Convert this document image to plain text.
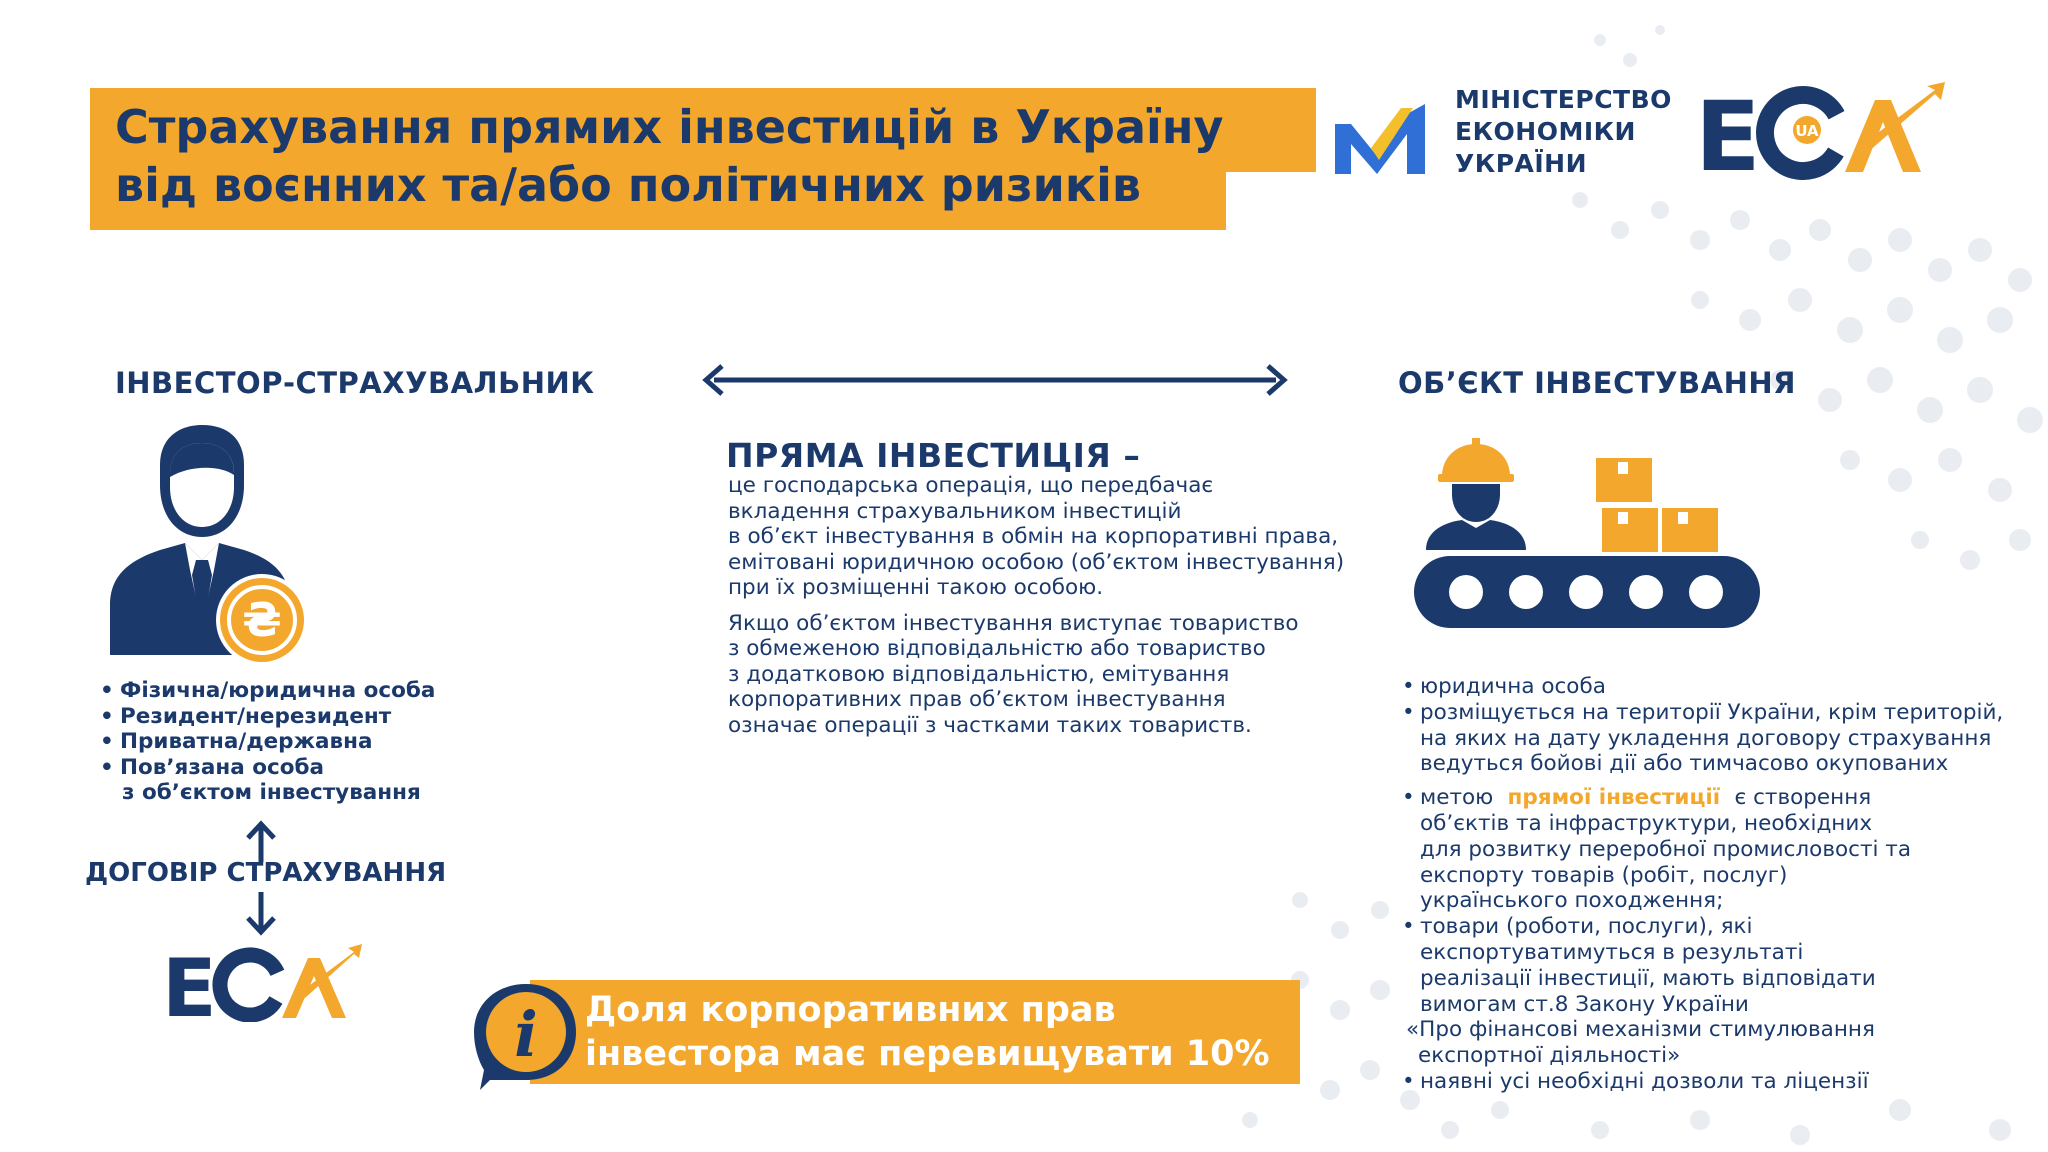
Страхування прямих інвестицій в Україну
від воєнних та/або політичних ризиків
МІНІСТЕРСТВО
ЕКОНОМІКИ
УКРАЇНИ	E UA
ІНВЕСТОР-СТРАХУВАЛЬНИК
₴
• Фізична/юридична особа
• Резидент/нерезидент
• Приватна/державна
• Пов’язана особа
з об’єктом інвестування
ДОГОВІР СТРАХУВАННЯ
E
ПРЯМА ІНВЕСТИЦІЯ –

це господарська операція, що передбачає
вкладення страхувальником інвестицій
в об’єкт інвестування в обмін на корпоративні права,
емітовані юридичною особою (об’єктом інвестування)
при їх розміщенні такою особою.

Якщо об’єктом інвестування виступає товариство
з обмеженою відповідальністю або товариство
з додатковою відповідальністю, емітування
корпоративних прав об’єктом інвестування
означає операції з частками таких товариств.

i Доля корпоративних прав
інвестора має перевищувати 10%
ОБ’ЄКТ ІНВЕСТУВАННЯ
• юридична особа
• розміщується на території України, крім територій,
на яких на дату укладення договору страхування
ведуться бойові дії або тимчасово окупованих
• метою  прямої інвестиції  є створення
об’єктів та інфраструктури, необхідних
для розвитку переробної промисловості та
експорту товарів (робіт, послуг)
українського походження;
• товари (роботи, послуги), які
експортуватимуться в результаті
реалізації інвестиції, мають відповідати
вимогам ст.8 Закону України
«Про фінансові механізми стимулювання
експортної діяльності»
• наявні усі необхідні дозволи та ліцензії
